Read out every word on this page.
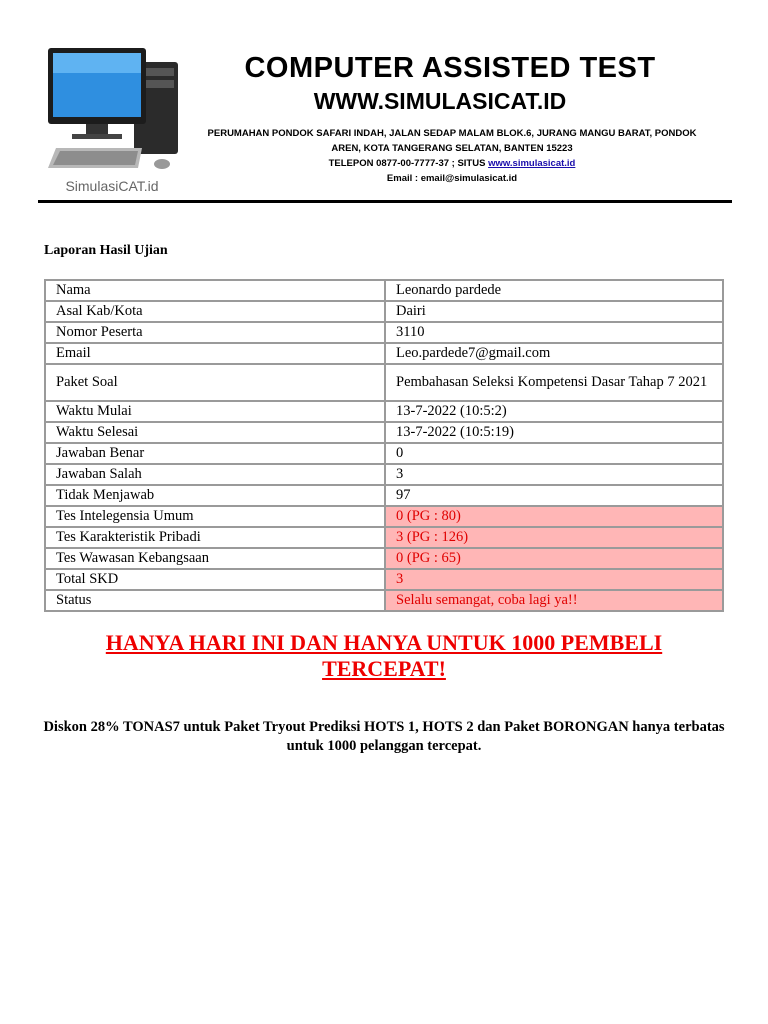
SimulasiCAT.id
COMPUTER ASSISTED TEST
WWW.SIMULASICAT.ID
PERUMAHAN PONDOK SAFARI INDAH, JALAN SEDAP MALAM BLOK.6, JURANG MANGU BARAT, PONDOK
AREN, KOTA TANGERANG SELATAN, BANTEN 15223
TELEPON 0877-00-7777-37 ; SITUS www.simulasicat.id
Email : email@simulasicat.id
Laporan Hasil Ujian
Nama	Leonardo pardede
Asal Kab/Kota	Dairi
Nomor Peserta	3110
Email	Leo.pardede7@gmail.com
Paket Soal	Pembahasan Seleksi Kompetensi Dasar Tahap 7 2021
Waktu Mulai	13-7-2022 (10:5:2)
Waktu Selesai	13-7-2022 (10:5:19)
Jawaban Benar	0
Jawaban Salah	3
Tidak Menjawab	97
Tes Intelegensia Umum	0 (PG : 80)
Tes Karakteristik Pribadi	3 (PG : 126)
Tes Wawasan Kebangsaan	0 (PG : 65)
Total SKD	3
Status	Selalu semangat, coba lagi ya!!
HANYA HARI INI DAN HANYA UNTUK 1000 PEMBELI TERCEPAT!
Diskon 28% TONAS7 untuk Paket Tryout Prediksi HOTS 1, HOTS 2 dan Paket BORONGAN hanya terbatas untuk 1000 pelanggan tercepat.
